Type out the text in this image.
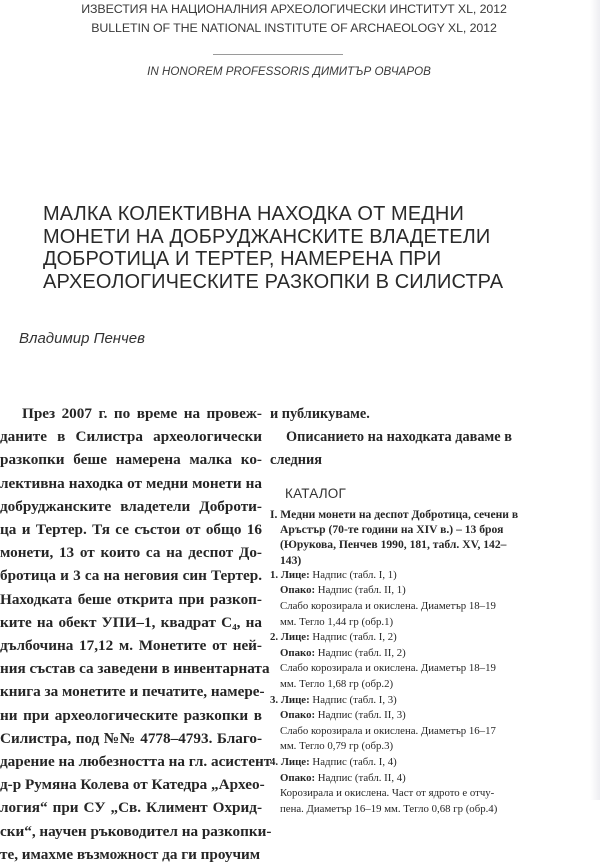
ИЗВЕСТИЯ НА НАЦИОНАЛНИЯ АРХЕОЛОГИЧЕСКИ ИНСТИТУТ XL, 2012
BULLETIN OF THE NATIONAL INSTITUTE OF ARCHAEOLOGY XL, 2012
IN HONOREM PROFESSORIS ДИМИТЪР ОВЧАРОВ
МАЛКА КОЛЕКТИВНА НАХОДКА ОТ МЕДНИ
МОНЕТИ НА ДОБРУДЖАНСКИТЕ ВЛАДЕТЕЛИ
ДОБРОТИЦА И ТЕРТЕР, НАМЕРЕНА ПРИ
АРХЕОЛОГИЧЕСКИТЕ РАЗКОПКИ В СИЛИСТРА
Владимир Пенчев
През 2007 г. по време на провеж-
даните в Силистра археологически
разкопки беше намерена малка ко-
лективна находка от медни монети на
добруджанските владетели Доброти-
ца и Тертер. Тя се състои от общо 16
монети, 13 от които са на деспот До-
бротица и 3 са на неговия син Тертер.
Находката беше открита при разкоп-
ките на обект УПИ–1, квадрат С₄, на
дълбочина 17,12 м. Монетите от ней-
ния състав са заведени в инвентарната
книга за монетите и печатите, намере-
ни при археологическите разкопки в
Силистра, под №№ 4778–4793. Благо-
дарение на любезността на гл. асистент
д-р Румяна Колева от Катедра „Архео-
логия“ при СУ „Св. Климент Охрид-
ски“, научен ръководител на разкопки-
те, имахме възможност да ги проучим
и публикуваме.
Описанието на находката даваме в
следния
КАТАЛОГ
I. Медни монети на деспот Добротица, сечени в
Аръстър (70-те години на XIV в.) – 13 броя
(Юрукова, Пенчев 1990, 181, табл. XV, 142–
143)
1. Лице: Надпис (табл. I, 1)
Опако: Надпис (табл. II, 1)
Слабо корозирала и окислена. Диаметър 18–19
мм. Тегло 1,44 гр (обр.1)
2. Лице: Надпис (табл. I, 2)
Опако: Надпис (табл. II, 2)
Слабо корозирала и окислена. Диаметър 18–19
мм. Тегло 1,68 гр (обр.2)
3. Лице: Надпис (табл. I, 3)
Опако: Надпис (табл. II, 3)
Слабо корозирала и окислена. Диаметър 16–17
мм. Тегло 0,79 гр (обр.3)
4. Лице: Надпис (табл. I, 4)
Опако: Надпис (табл. II, 4)
Корозирала и окислена. Част от ядрото е отчу-
пена. Диаметър 16–19 мм. Тегло 0,68 гр (обр.4)
